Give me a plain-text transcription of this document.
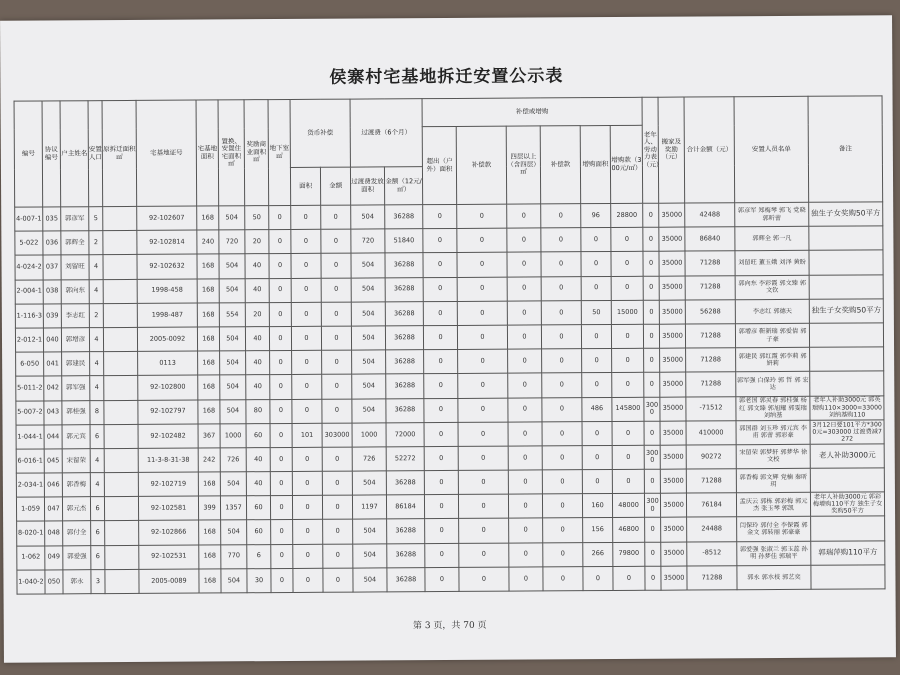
侯寨村宅基地拆迁安置公示表
编号	协议编号	户主姓名	安置人口	原拆迁面积㎡	宅基地证号	宅基地面积	置换、安置住宅面积㎡	奖励商业面积㎡	地下室㎡	货币补偿		过渡费（6个月）		补偿或增购						老年人、劳动力表（元）	搬家及奖励（元）	合计金额（元）	安置人员名单	备注
														超出（户外）面积	补偿款	四层以上（含四层）㎡	补偿款	增购面积	增购款（300元/㎡）					
										面积	金额	过渡费发放面积	金额（12元/㎡）											
4-007-1	035	郭彦军	5		92-102607	168	504	50	0	0	0	504	36288	0	0	0	0	96	28800	0	35000	42488	郭彦军 郑梅琴 郭飞 党晓 郭昕蕾	独生子女奖购50平方
5-022	036	郭辉全	2		92-102814	240	720	20	0	0	0	720	51840	0	0	0	0	0	0	0	35000	86840	郭辉全 郭一凡	
4-024-2	037	刘留旺	4		92-102632	168	504	40	0	0	0	504	36288	0	0	0	0	0	0	0	35000	71288	刘留旺 董玉娥 刘泽 黄盼	
2-004-1	038	郭向东	4		1998-458	168	504	40	0	0	0	504	36288	0	0	0	0	0	0	0	35000	71288	郭向东 李彩霞 郭文臻 郭文钦	
1-116-3	039	李志红	2		1998-487	168	554	20	0	0	0	504	36288	0	0	0	0	50	15000	0	35000	56288	李志红 郭德天	独生子女奖购50平方
2-012-1	040	郭增彦	4		2005-0092	168	504	40	0	0	0	504	36288	0	0	0	0	0	0	0	35000	71288	郭增彦 靳新瑞 郭爱倩 郭子豪	
6-050	041	郭建民	4		0113	168	504	40	0	0	0	504	36288	0	0	0	0	0	0	0	35000	71288	郭建民 郭红霞 郭李莉 郭妍莉	
5-011-2	042	郭军强	4		92-102800	168	504	40	0	0	0	504	36288	0	0	0	0	0	0	0	35000	71288	郭军强 白保玲 郭 哲 郭 宏达	
5-007-2	043	郭桂强	8		92-102797	168	504	80	0	0	0	504	36288	0	0	0	0	486	145800	3000	35000	-71512	郭老国 郭灵春 郭桂强 杨红 郭文臻 郭旭耀 郭雯瑞 刘纳基	老年人补助3000元 郭英瑞购110×3000=33000 刘纳基购110
1-044-1	044	郭元宾	6		92-102482	367	1000	60	0	101	303000	1000	72000	0	0	0	0	0	0	0	35000	410000	郭国群 刘玉珍 郭元宾 李甫 郭蕾 郭彩豪	3月12日要101平方*3000元=303000 过渡费减7272
6-016-1	045	宋留荣	4		11-3-8-31-38	242	726	40	0	0	0	726	52272	0	0	0	0	0	0	3000	35000	90272	宋留荣 郭梦轩 郭梦华 徐文校	老人补助3000元
2-034-1	046	郭香梅	4		92-102719	168	504	40	0	0	0	504	36288	0	0	0	0	0	0	0	35000	71288	郭香梅 郭文辉 党楠 秦昕玥	
1-059	047	郭元杰	6		92-102581	399	1357	60	0	0	0	1197	86184	0	0	0	0	160	48000	3000	35000	76184	孟庆云 郭栋 郭彩梅 郭元杰 张玉琴 郭凯	老年人补助3000元 郭彩梅增购110平方 独生子女奖购50平方
8-020-1	048	郭付全	6		92-102866	168	504	60	0	0	0	504	36288	0	0	0	0	156	46800	0	35000	24488	闫保玲 郭付全 李保霞 郭金文 郭转丽 郭豪豪	
1-062	049	郭爱强	6		92-102531	168	770	6	0	0	0	504	36288	0	0	0	0	266	79800	0	35000	-8512	郭爱强 张淑兰 郭玉蕊 孙明 孙梦佳 郭瑞平	郭瑞萍购110平方
1-040-2	050	郭永	3		2005-0089	168	504	30	0	0	0	504	36288	0	0	0	0	0	0	0	35000	71288	郭永 郭水枝 郭艺奕	
第 3 页，共 70 页
